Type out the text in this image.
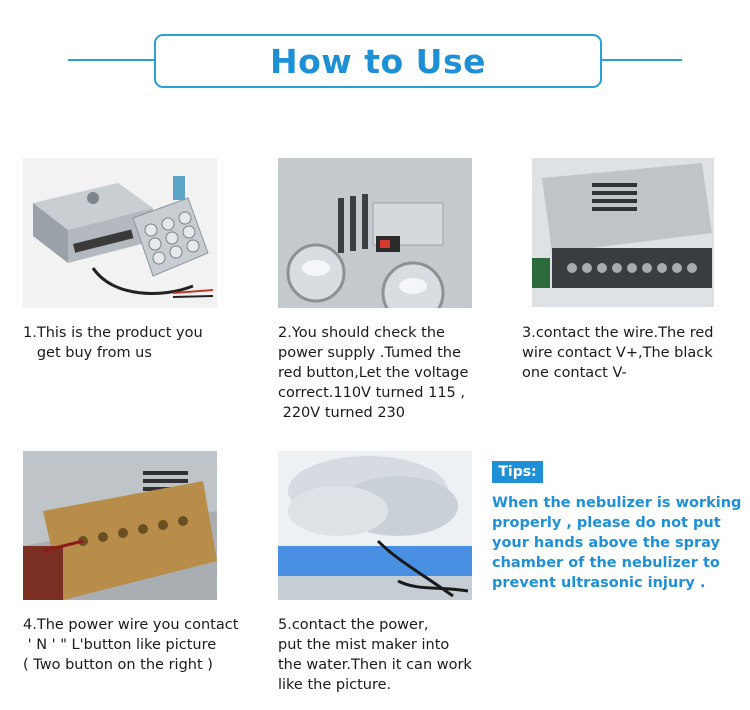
How to Use
1.This is the product you
get buy from us
2.You should check the
power supply .Tumed the
red button,Let the voltage
correct.110V turned 115 ,
220V turned 230
3.contact the wire.The red
wire contact V+,The black
one contact V-
4.The power wire you contact
' N ' " L'button like picture
( Two button on the right )
5.contact the power,
put the mist maker into
the water.Then it can work
like the picture.
Tips:
When the nebulizer is working
properly , please do not put
your hands above the spray
chamber of the nebulizer to
prevent ultrasonic injury .
